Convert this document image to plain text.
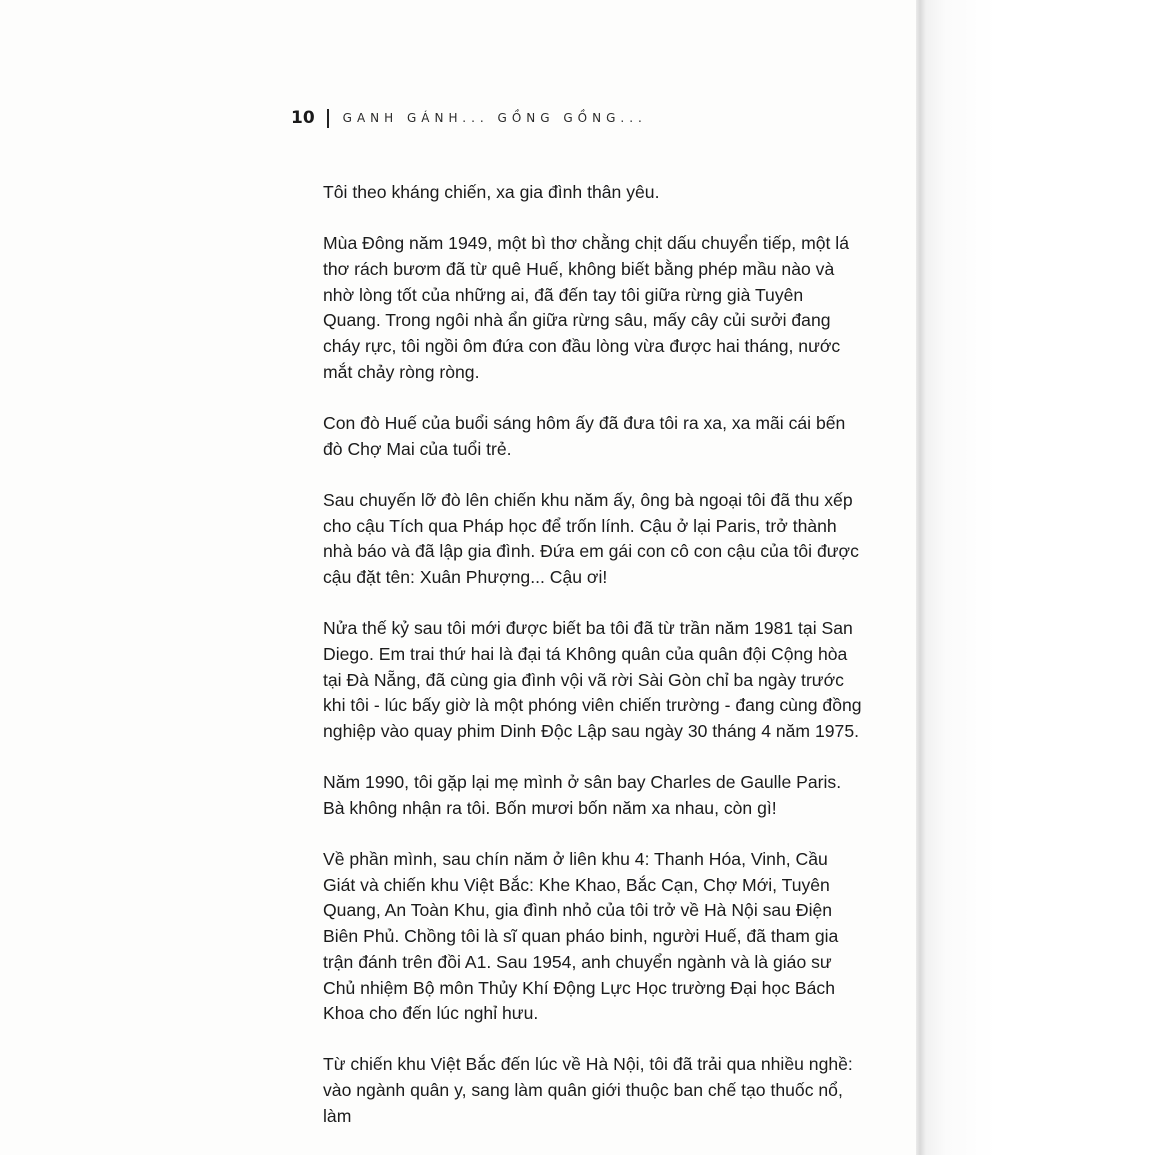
10 GANH GÁNH... GỒNG GỒNG...

Tôi theo kháng chiến, xa gia đình thân yêu.

Mùa Đông năm 1949, một bì thơ chằng chịt dấu chuyển tiếp, một lá thơ rách bươm đã từ quê Huế, không biết bằng phép mầu nào và nhờ lòng tốt của những ai, đã đến tay tôi giữa rừng già Tuyên Quang. Trong ngôi nhà ẩn giữa rừng sâu, mấy cây củi sưởi đang cháy rực, tôi ngồi ôm đứa con đầu lòng vừa được hai tháng, nước mắt chảy ròng ròng.

Con đò Huế của buổi sáng hôm ấy đã đưa tôi ra xa, xa mãi cái bến đò Chợ Mai của tuổi trẻ.

Sau chuyến lỡ đò lên chiến khu năm ấy, ông bà ngoại tôi đã thu xếp cho cậu Tích qua Pháp học để trốn lính. Cậu ở lại Paris, trở thành nhà báo và đã lập gia đình. Đứa em gái con cô con cậu của tôi được cậu đặt tên: Xuân Phượng... Cậu ơi!

Nửa thế kỷ sau tôi mới được biết ba tôi đã từ trần năm 1981 tại San Diego. Em trai thứ hai là đại tá Không quân của quân đội Cộng hòa tại Đà Nẵng, đã cùng gia đình vội vã rời Sài Gòn chỉ ba ngày trước khi tôi - lúc bấy giờ là một phóng viên chiến trường - đang cùng đồng nghiệp vào quay phim Dinh Độc Lập sau ngày 30 tháng 4 năm 1975.

Năm 1990, tôi gặp lại mẹ mình ở sân bay Charles de Gaulle Paris. Bà không nhận ra tôi. Bốn mươi bốn năm xa nhau, còn gì!

Về phần mình, sau chín năm ở liên khu 4: Thanh Hóa, Vinh, Cầu Giát và chiến khu Việt Bắc: Khe Khao, Bắc Cạn, Chợ Mới, Tuyên Quang, An Toàn Khu, gia đình nhỏ của tôi trở về Hà Nội sau Điện Biên Phủ. Chồng tôi là sĩ quan pháo binh, người Huế, đã tham gia trận đánh trên đồi A1. Sau 1954, anh chuyển ngành và là giáo sư Chủ nhiệm Bộ môn Thủy Khí Động Lực Học trường Đại học Bách Khoa cho đến lúc nghỉ hưu.

Từ chiến khu Việt Bắc đến lúc về Hà Nội, tôi đã trải qua nhiều nghề: vào ngành quân y, sang làm quân giới thuộc ban chế tạo thuốc nổ, làm
